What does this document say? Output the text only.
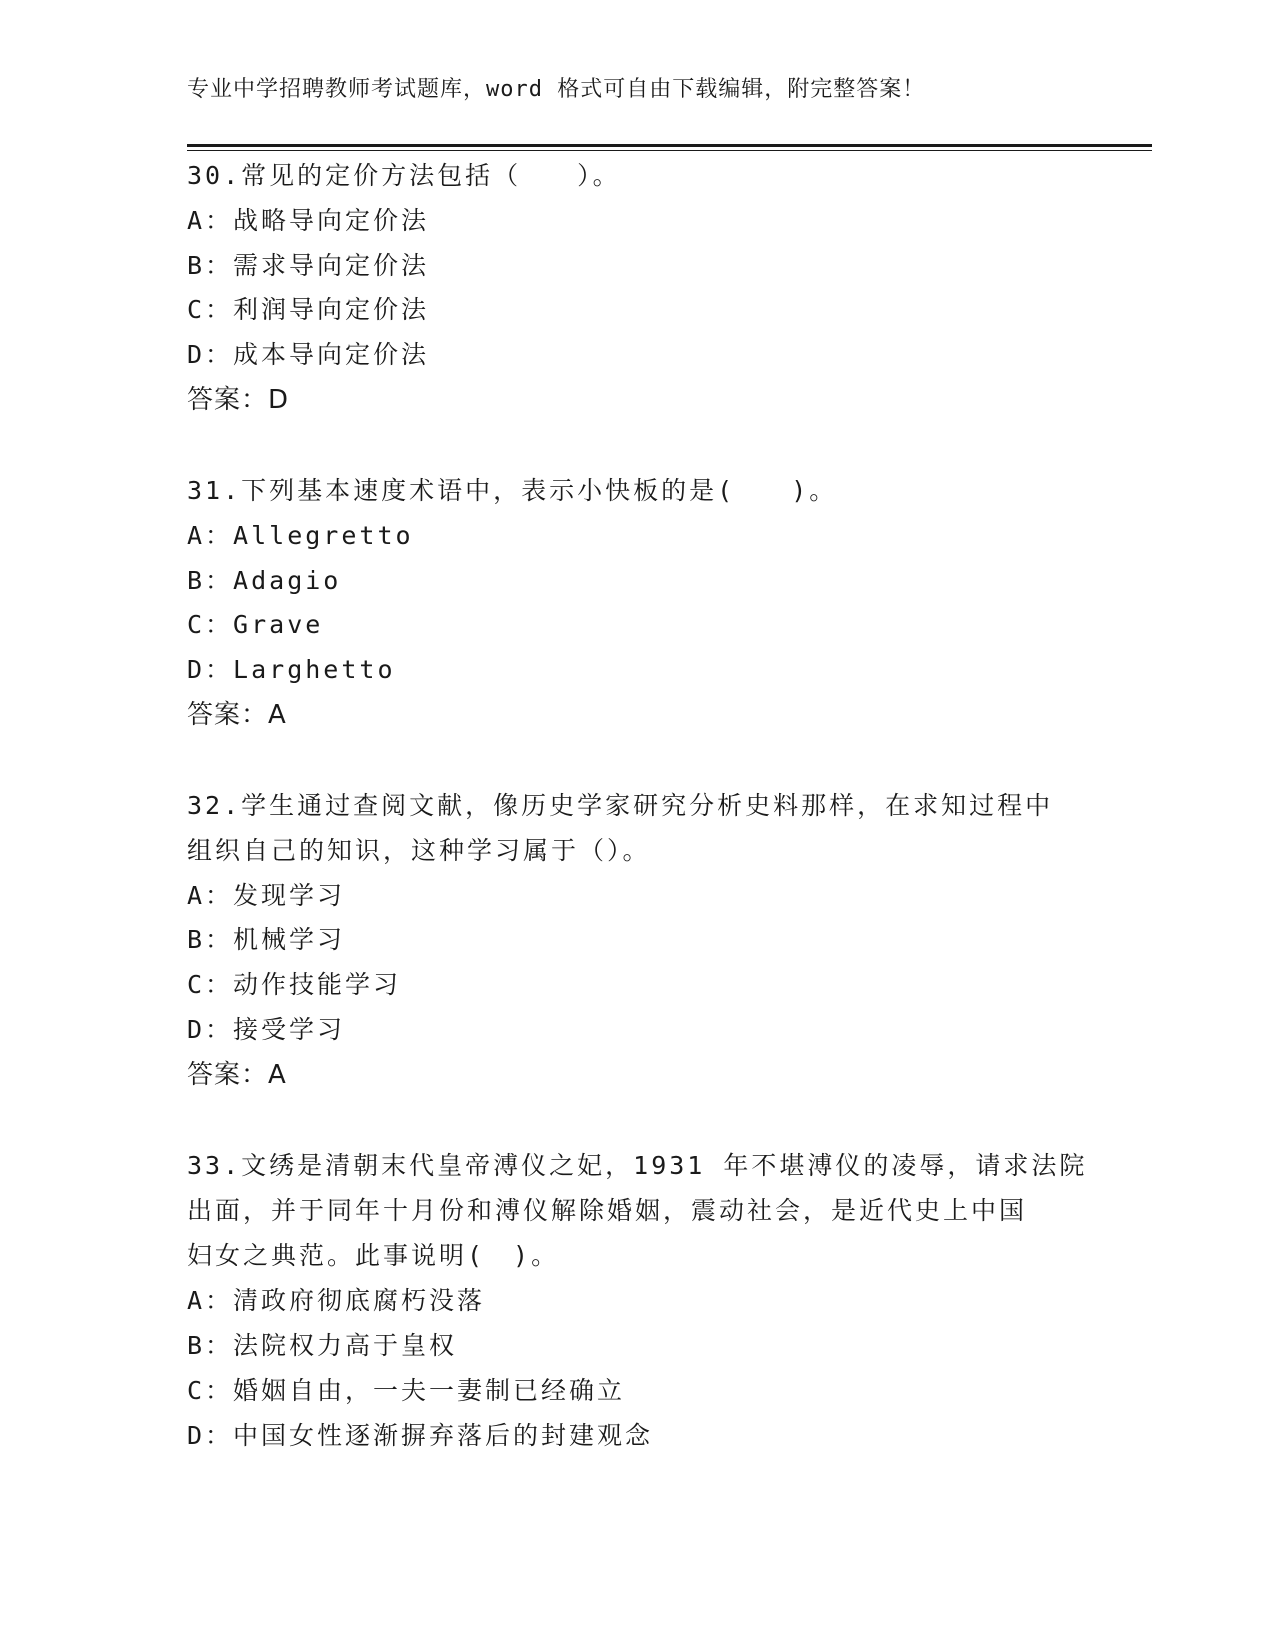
专业中学招聘教师考试题库，word 格式可自由下载编辑，附完整答案！
30.常见的定价方法包括（　　）。
A：战略导向定价法
B：需求导向定价法
C：利润导向定价法
D：成本导向定价法
答案：D
31.下列基本速度术语中，表示小快板的是(　　)。
A：Allegretto
B：Adagio
C：Grave
D：Larghetto
答案：A
32.学生通过查阅文献，像历史学家研究分析史料那样，在求知过程中
组织自己的知识，这种学习属于（）。
A：发现学习
B：机械学习
C：动作技能学习
D：接受学习
答案：A
33.文绣是清朝末代皇帝溥仪之妃，1931 年不堪溥仪的凌辱，请求法院
出面，并于同年十月份和溥仪解除婚姻，震动社会，是近代史上中国
妇女之典范。此事说明(　)。
A：清政府彻底腐朽没落
B：法院权力高于皇权
C：婚姻自由，一夫一妻制已经确立
D：中国女性逐渐摒弃落后的封建观念
